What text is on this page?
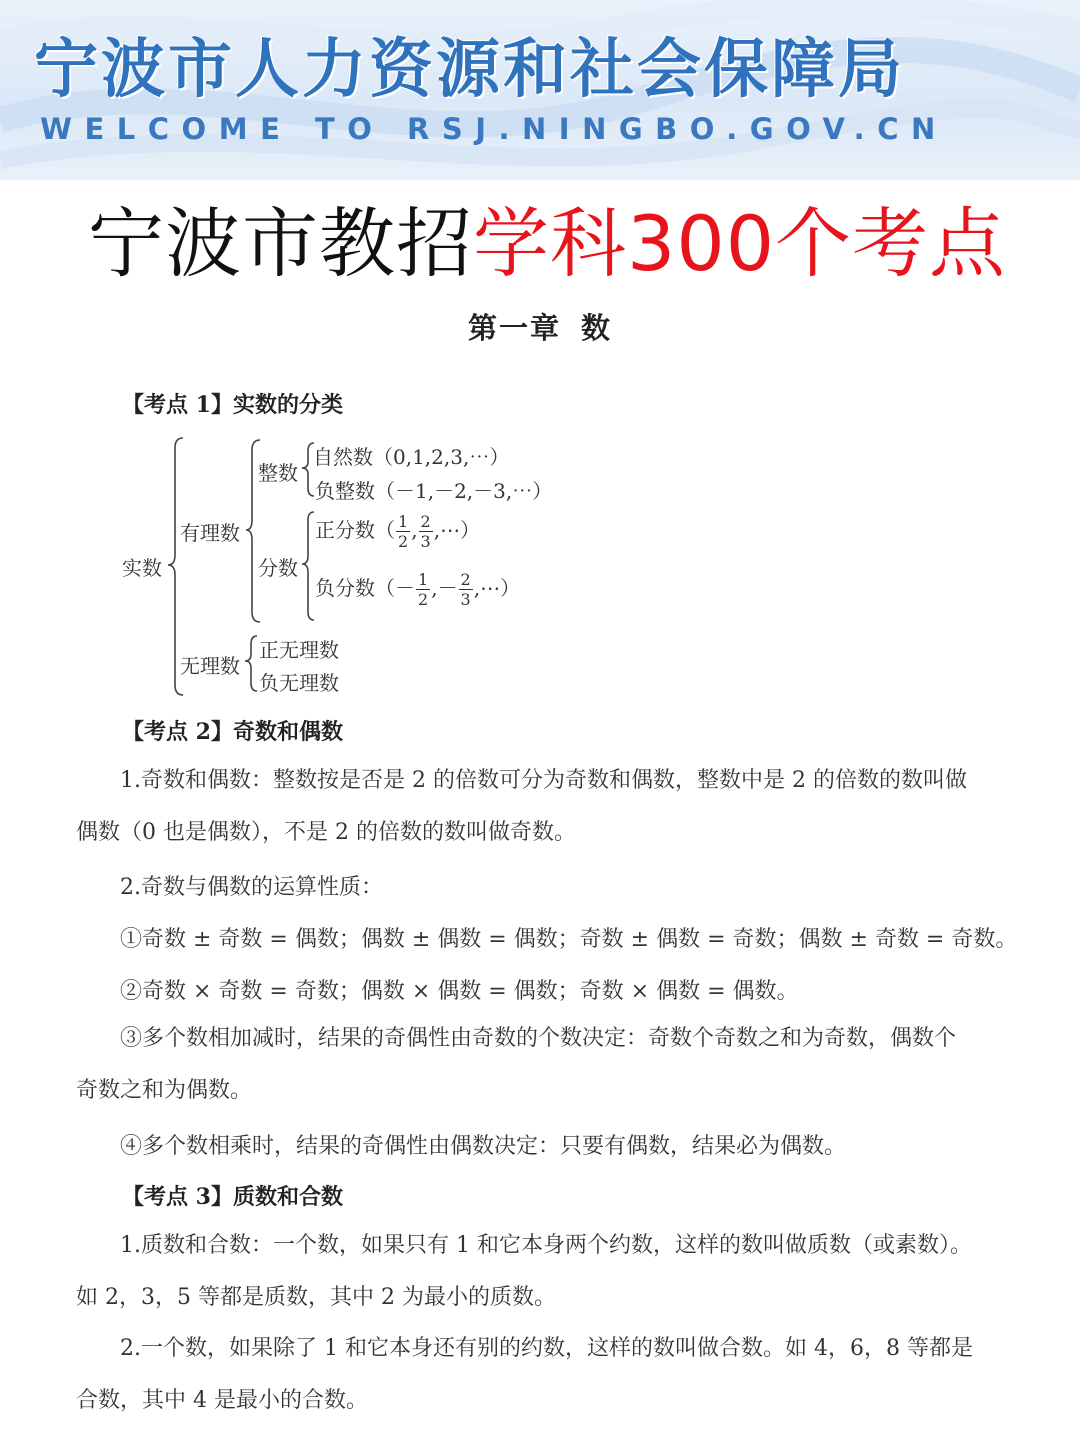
宁波市人力资源和社会保障局
WELCOME TO RSJ.NINGBO.GOV.CN
宁波市教招学科300个考点
第一章 数
【考点 1】实数的分类
实数
有理数
整数
自然数（0,1,2,3,⋯）
负整数（－1,－2,－3,⋯）
分数
正分数（ $\frac{1}{2}$ , $\frac{2}{3}$ ,⋯）
负分数（－ $\frac{1}{2}$ ,－ $\frac{2}{3}$ ,⋯）
无理数
正无理数
负无理数
【考点 2】奇数和偶数
1.奇数和偶数：整数按是否是 2 的倍数可分为奇数和偶数，整数中是 2 的倍数的数叫做偶数（0 也是偶数），不是 2 的倍数的数叫做奇数。
2.奇数与偶数的运算性质：
①奇数 ± 奇数 = 偶数；偶数 ± 偶数 = 偶数；奇数 ± 偶数 = 奇数；偶数 ± 奇数 = 奇数。
②奇数 × 奇数 = 奇数；偶数 × 偶数 = 偶数；奇数 × 偶数 = 偶数。
③多个数相加减时，结果的奇偶性由奇数的个数决定：奇数个奇数之和为奇数，偶数个奇数之和为偶数。
④多个数相乘时，结果的奇偶性由偶数决定：只要有偶数，结果必为偶数。
【考点 3】质数和合数
1.质数和合数：一个数，如果只有 1 和它本身两个约数，这样的数叫做质数（或素数）。如 2，3，5 等都是质数，其中 2 为最小的质数。
2.一个数，如果除了 1 和它本身还有别的约数，这样的数叫做合数。如 4，6，8 等都是合数，其中 4 是最小的合数。
